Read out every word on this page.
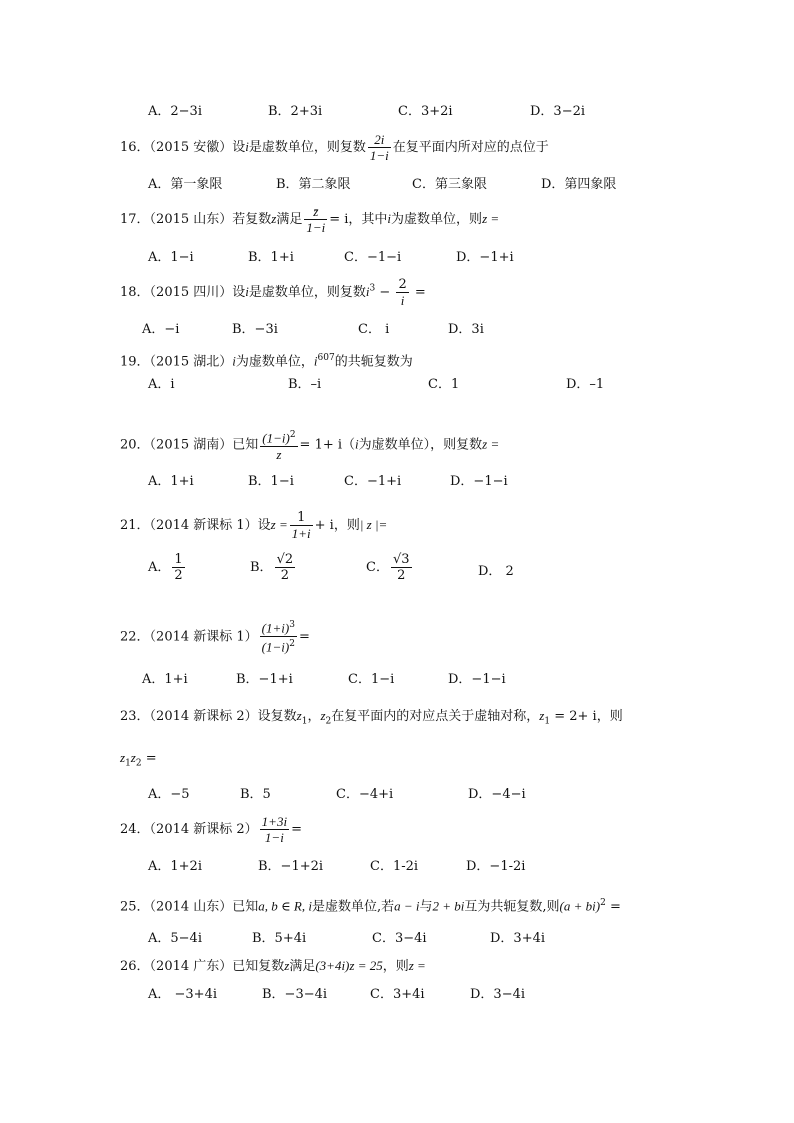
A．2−3i	B．2+3i	C．3+2i	D．3−2i
16．（2015 安徽）设i是虚数单位，则复数 $\frac{2i}{1-i}$ 在复平面内所对应的点位于
A．第一象限	B．第二象限	C．第三象限	D．第四象限
17．（2015 山东）若复数z满足 $\frac{z̄}{1-i} = i$，其中i为虚数单位，则z =
A．1−i	B．1+i	C．−1−i	D．−1+i
18．（2015 四川）设i是虚数单位，则复数$i^3 - \frac{2}{i}$ =
A．−i	B．−3i	C． i	D．3i
19．（2015 湖北）i为虚数单位，$i^{607}$的共轭复数为
A．i	B．–i	C．1	D．–1
20．（2015 湖南）已知 $\frac{(1-i)^2}{z} = 1+ i(i$为虚数单位），则复数z =
A．1+i	B．1−i	C．−1+i	D．−1−i
21．（2014 新课标 1）设$z = \frac{1}{1+i} + i$，则| z |=
A． $\frac{1}{2}$	B． $\frac{√2}{2}$	C． $\frac{√3}{2}$	D． 2
22．（2014 新课标 $1) \frac{(1+i)^3}{(1-i)^2}$ =
A．1+i	B．−1+i	C．1−i	D．−1−i
23．（2014 新课标 2）设复数$z_1$，$z_2$在复平面内的对应点关于虚轴对称，$z_1 = 2+ i$，则
$z_1z_2$ =
A．−5	B．5	C．−4+i	D．−4−i
24．（2014 新课标 $2) \frac{1+3i}{1-i}$ =
A．1+2i	B．−1+2i	C．1-2i	D．−1-2i
25．（2014 山东）已知a, b ∈ R, i是虚数单位,若a − i与2 + bi互为共轭复数,则(a + bi)$^2$ =
A．5−4i	B．5+4i	C．3−4i	D．3+4i
26．（2014 广东）已知复数z满足(3+4i)z = 25，则z =
A． −3+4i	B．−3−4i	C．3+4i	D．3−4i
